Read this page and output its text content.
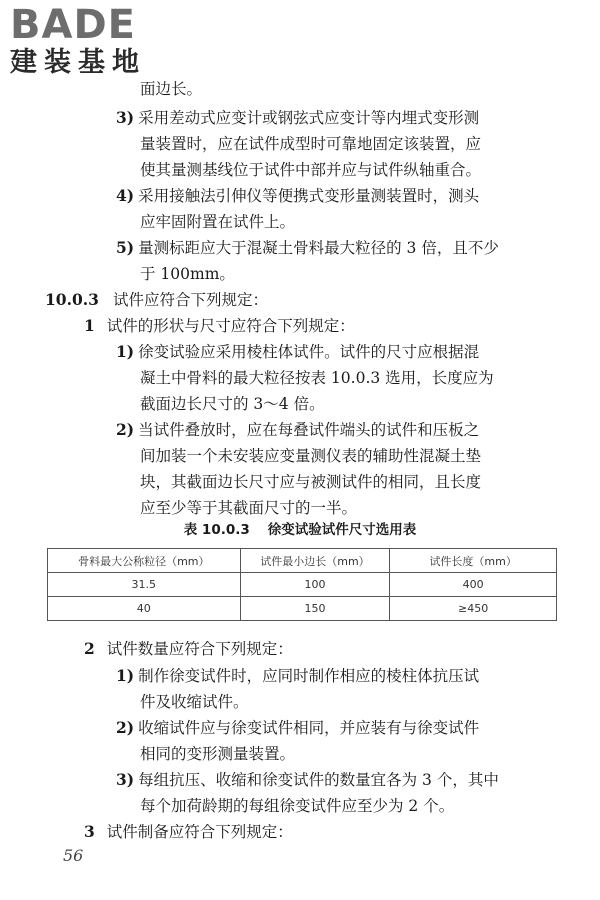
BADE
建装基地
面边长。
3) 采用差动式应变计或钢弦式应变计等内埋式变形测
量装置时，应在试件成型时可靠地固定该装置，应
使其量测基线位于试件中部并应与试件纵轴重合。
4) 采用接触法引伸仪等便携式变形量测装置时，测头
应牢固附置在试件上。
5) 量测标距应大于混凝土骨料最大粒径的 3 倍，且不少
于 100mm。
10.0.3 试件应符合下列规定：
1 试件的形状与尺寸应符合下列规定：
1) 徐变试验应采用棱柱体试件。试件的尺寸应根据混
凝土中骨料的最大粒径按表 10.0.3 选用，长度应为
截面边长尺寸的 3～4 倍。
2) 当试件叠放时，应在每叠试件端头的试件和压板之
间加装一个未安装应变量测仪表的辅助性混凝土垫
块，其截面边长尺寸应与被测试件的相同，且长度
应至少等于其截面尺寸的一半。
表 10.0.3 徐变试验试件尺寸选用表
骨料最大公称粒径（mm）	试件最小边长（mm）	试件长度（mm）
31.5	100	400
40	150	≥450
2 试件数量应符合下列规定：
1) 制作徐变试件时，应同时制作相应的棱柱体抗压试
件及收缩试件。
2) 收缩试件应与徐变试件相同，并应装有与徐变试件
相同的变形测量装置。
3) 每组抗压、收缩和徐变试件的数量宜各为 3 个，其中
每个加荷龄期的每组徐变试件应至少为 2 个。
3 试件制备应符合下列规定：
56
